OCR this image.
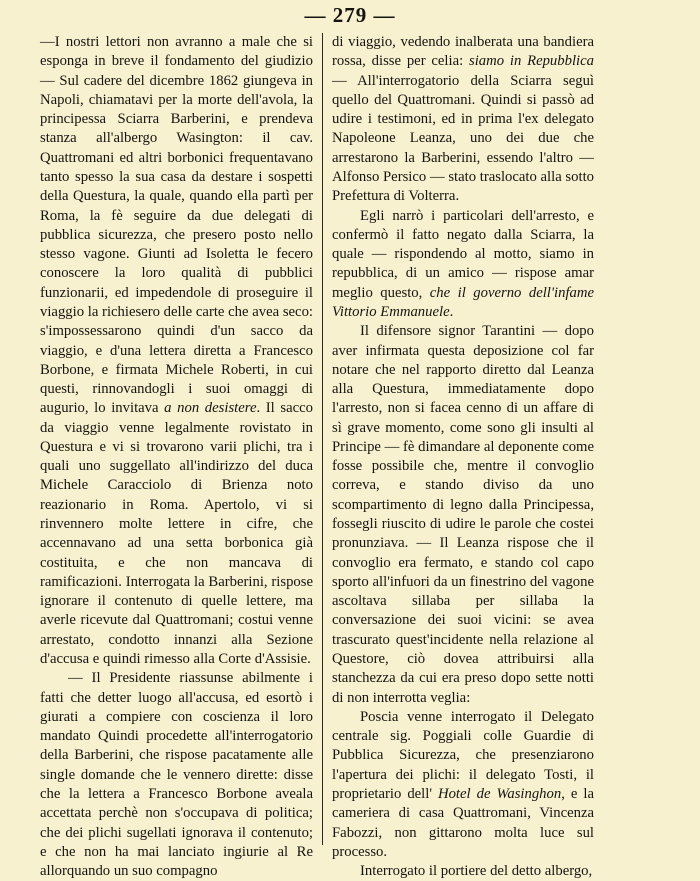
— 279 —

—I nostri lettori non avranno a male che si esponga in breve il fondamento del giudizio — Sul cadere del dicembre 1862 giungeva in Napoli, chiamatavi per la morte dell'avola, la principessa Sciarra Barberini, e prendeva stanza all'albergo Wasington: il cav. Quattromani ed altri borbonici frequentavano tanto spesso la sua casa da destare i sospetti della Questura, la quale, quando ella partì per Roma, la fè seguire da due delegati di pubblica sicurezza, che presero posto nello stesso vagone. Giunti ad Isoletta le fecero conoscere la loro qualità di pubblici funzionarii, ed impedendole di proseguire il viaggio la richiesero delle carte che avea seco: s'impossessarono quindi d'un sacco da viaggio, e d'una lettera diretta a Francesco Borbone, e firmata Michele Roberti, in cui questi, rinnovandogli i suoi omaggi di augurio, lo invitava a non desistere. Il sacco da viaggio venne legalmente rovistato in Questura e vi si trovarono varii plichi, tra i quali uno suggellato all'indirizzo del duca Michele Caracciolo di Brienza noto reazionario in Roma. Apertolo, vi si rinvennero molte lettere in cifre, che accennavano ad una setta borbonica già costituita, e che non mancava di ramificazioni. Interrogata la Barberini, rispose ignorare il contenuto di quelle lettere, ma averle ricevute dal Quattromani; costui venne arrestato, condotto innanzi alla Sezione d'accusa e quindi rimesso alla Corte d'Assisie.

— Il Presidente riassunse abilmente i fatti che detter luogo all'accusa, ed esortò i giurati a compiere con coscienza il loro mandato Quindi procedette all'interrogatorio della Barberini, che rispose pacatamente alle single domande che le vennero dirette: disse che la lettera a Francesco Borbone aveala accettata perchè non s'occupava di politica; che dei plichi sugellati ignorava il contenuto; e che non ha mai lanciato ingiurie al Re allorquando un suo compagno

di viaggio, vedendo inalberata una bandiera rossa, disse per celia: siamo in Repubblica — All'interrogatorio della Sciarra seguì quello del Quattromani. Quindi si passò ad udire i testimoni, ed in prima l'ex delegato Napoleone Leanza, uno dei due che arrestarono la Barberini, essendo l'altro — Alfonso Persico — stato traslocato alla sotto Prefettura di Volterra.

Egli narrò i particolari dell'arresto, e confermò il fatto negato dalla Sciarra, la quale — rispondendo al motto, siamo in repubblica, di un amico — rispose amar meglio questo, che il governo dell'infame Vittorio Emmanuele.

Il difensore signor Tarantini — dopo aver infirmata questa deposizione col far notare che nel rapporto diretto dal Leanza alla Questura, immediatamente dopo l'arresto, non si facea cenno di un affare di sì grave momento, come sono gli insulti al Principe — fè dimandare al deponente come fosse possibile che, mentre il convoglio correva, e stando diviso da uno scompartimento di legno dalla Principessa, fossegli riuscito di udire le parole che costei pronunziava. — Il Leanza rispose che il convoglio era fermato, e stando col capo sporto all'infuori da un finestrino del vagone ascoltava sillaba per sillaba la conversazione dei suoi vicini: se avea trascurato quest'incidente nella relazione al Questore, ciò dovea attribuirsi alla stanchezza da cui era preso dopo sette notti di non interrotta veglia:

Poscia venne interrogato il Delegato centrale sig. Poggiali colle Guardie di Pubblica Sicurezza, che presenziarono l'apertura dei plichi: il delegato Tosti, il proprietario dell' Hotel de Wasinghon, e la cameriera di casa Quattromani, Vincenza Fabozzi, non gittarono molta luce sul processo.

Interrogato il portiere del detto albergo,
